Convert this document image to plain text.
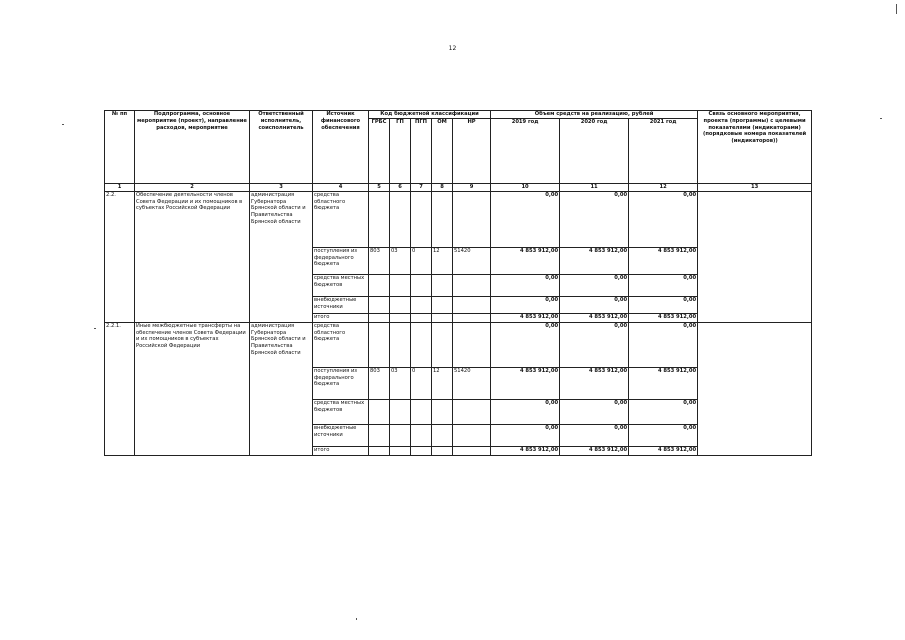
12
№ пп	Подпрограмма, основное мероприятие (проект), направление расходов, мероприятие	Ответственный исполнитель, соисполнитель	Источник финансового обеспечения	Код бюджетной классификации					Объем средств на реализацию, рублей			Связь основного мероприятия, проекта (программы) с целевыми показателями (индикаторами) (порядковые номера показателей (индикаторов))
				ГРБС	ГП	ПГП	ОМ	НР	2019 год	2020 год	2021 год	
1	2	3	4	5	6	7	8	9	10	11	12	13
2.2.	Обеспечение деятельности членов Совета Федерации и их помощников в субъектах Российской Федерации	администрация Губернатора Брянской области и Правительства Брянской области	средства областного бюджета						0,00	0,00	0,00	
			поступления из федерального бюджета	803	03	0	12	51420	4 853 912,00	4 853 912,00	4 853 912,00	
			средства местных бюджетов						0,00	0,00	0,00	
			внебюджетные источники						0,00	0,00	0,00	
			итого						4 853 912,00	4 853 912,00	4 853 912,00	
2.2.1.	Иные межбюджетные трансферты на обеспечение членов Совета Федерации и их помощников в субъектах Российской Федерации	администрация Губернатора Брянской области и Правительства Брянской области	средства областного бюджета						0,00	0,00	0,00	
			поступления из федерального бюджета	803	03	0	12	51420	4 853 912,00	4 853 912,00	4 853 912,00	
			средства местных бюджетов						0,00	0,00	0,00	
			внебюджетные источники						0,00	0,00	0,00	
			итого						4 853 912,00	4 853 912,00	4 853 912,00	
